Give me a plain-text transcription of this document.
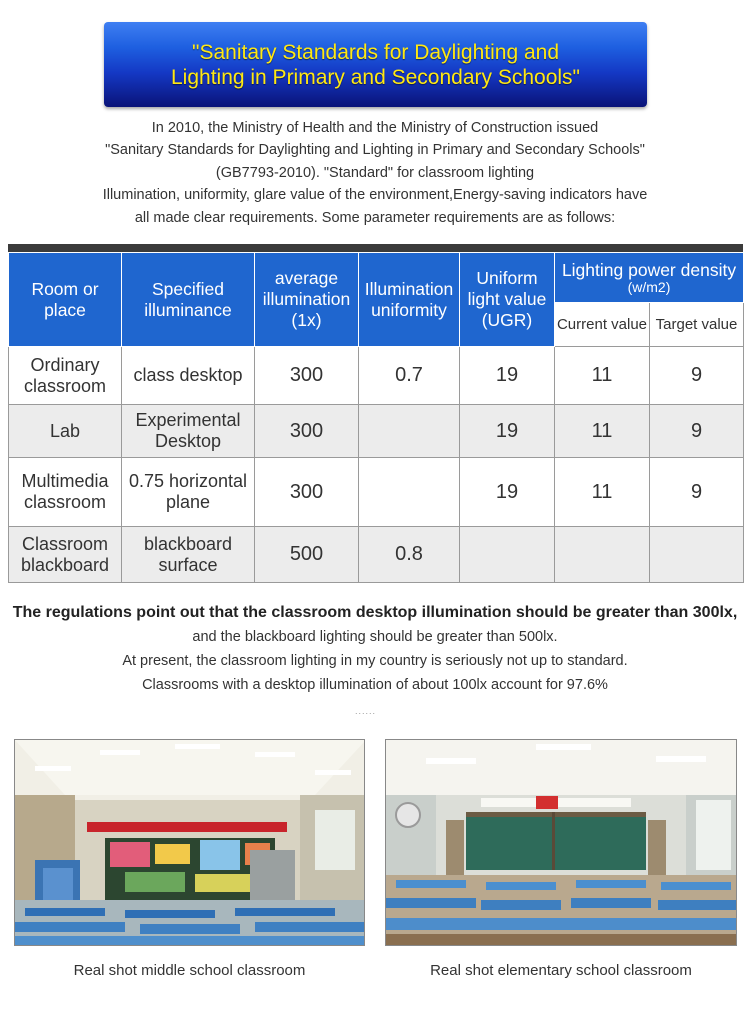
"Sanitary Standards for Daylighting and
Lighting in Primary and Secondary Schools"
In 2010, the Ministry of Health and the Ministry of Construction issued
"Sanitary Standards for Daylighting and Lighting in Primary and Secondary Schools"
(GB7793-2010). "Standard" for classroom lighting
Illumination, uniformity, glare value of the environment,Energy-saving indicators have
all made clear requirements. Some parameter requirements are as follows:
Room or place	Specified illuminance	average illumination (1x)	Illumination uniformity	Uniform light value (UGR)	Lighting power density
(w/m2)	

					Current value	Target value
Ordinary classroom	class desktop	300	0.7	19	11	9
Lab	Experimental Desktop	300		19	11	9
Multimedia classroom	0.75 horizontal plane	300		19	11	9
Classroom blackboard	blackboard surface	500	0.8			
The regulations point out that the classroom desktop illumination should be greater than 300lx,
and the blackboard lighting should be greater than 500lx.
At present, the classroom lighting in my country is seriously not up to standard.
Classrooms with a desktop illumination of about 100lx account for 97.6%
......
Real shot middle school classroom	Real shot elementary school classroom
